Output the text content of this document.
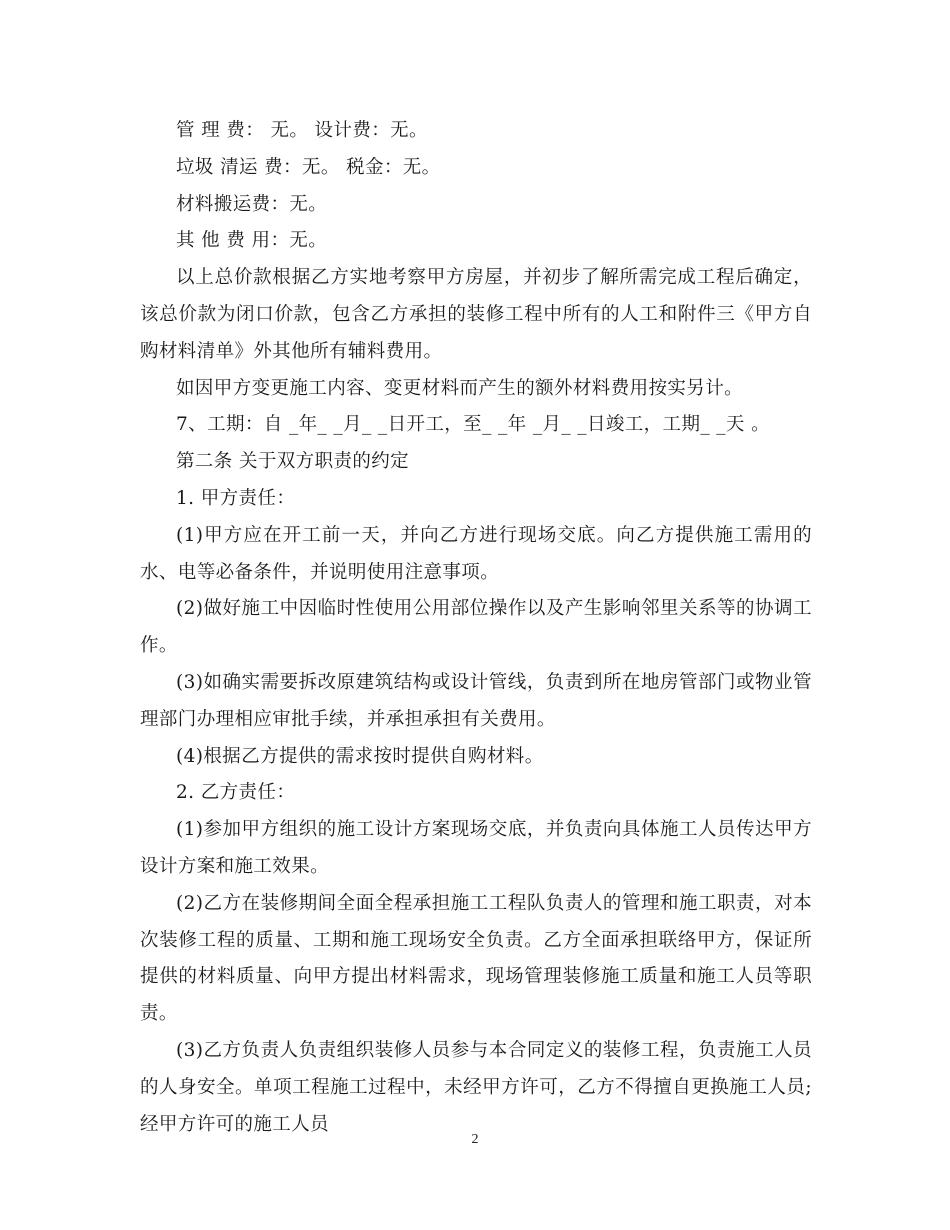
管 理 费： 无。 设计费：无。

垃圾 清运 费：无。 税金：无。

材料搬运费：无。

其 他 费 用：无。

以上总价款根据乙方实地考察甲方房屋，并初步了解所需完成工程后确定，该总价款为闭口价款，包含乙方承担的装修工程中所有的人工和附件三《甲方自购材料清单》外其他所有辅料费用。

如因甲方变更施工内容、变更材料而产生的额外材料费用按实另计。

7、工期：自 _年_ _月_ _日开工，至_ _年 _月_ _日竣工，工期_ _天 。

第二条 关于双方职责的约定

1. 甲方责任：

(1)甲方应在开工前一天，并向乙方进行现场交底。向乙方提供施工需用的水、电等必备条件，并说明使用注意事项。

(2)做好施工中因临时性使用公用部位操作以及产生影响邻里关系等的协调工作。

(3)如确实需要拆改原建筑结构或设计管线，负责到所在地房管部门或物业管理部门办理相应审批手续，并承担承担有关费用。

(4)根据乙方提供的需求按时提供自购材料。

2. 乙方责任：

(1)参加甲方组织的施工设计方案现场交底，并负责向具体施工人员传达甲方设计方案和施工效果。

(2)乙方在装修期间全面全程承担施工工程队负责人的管理和施工职责，对本次装修工程的质量、工期和施工现场安全负责。乙方全面承担联络甲方，保证所提供的材料质量、向甲方提出材料需求，现场管理装修施工质量和施工人员等职责。

(3)乙方负责人负责组织装修人员参与本合同定义的装修工程，负责施工人员的人身安全。单项工程施工过程中，未经甲方许可，乙方不得擅自更换施工人员;经甲方许可的施工人员

2
